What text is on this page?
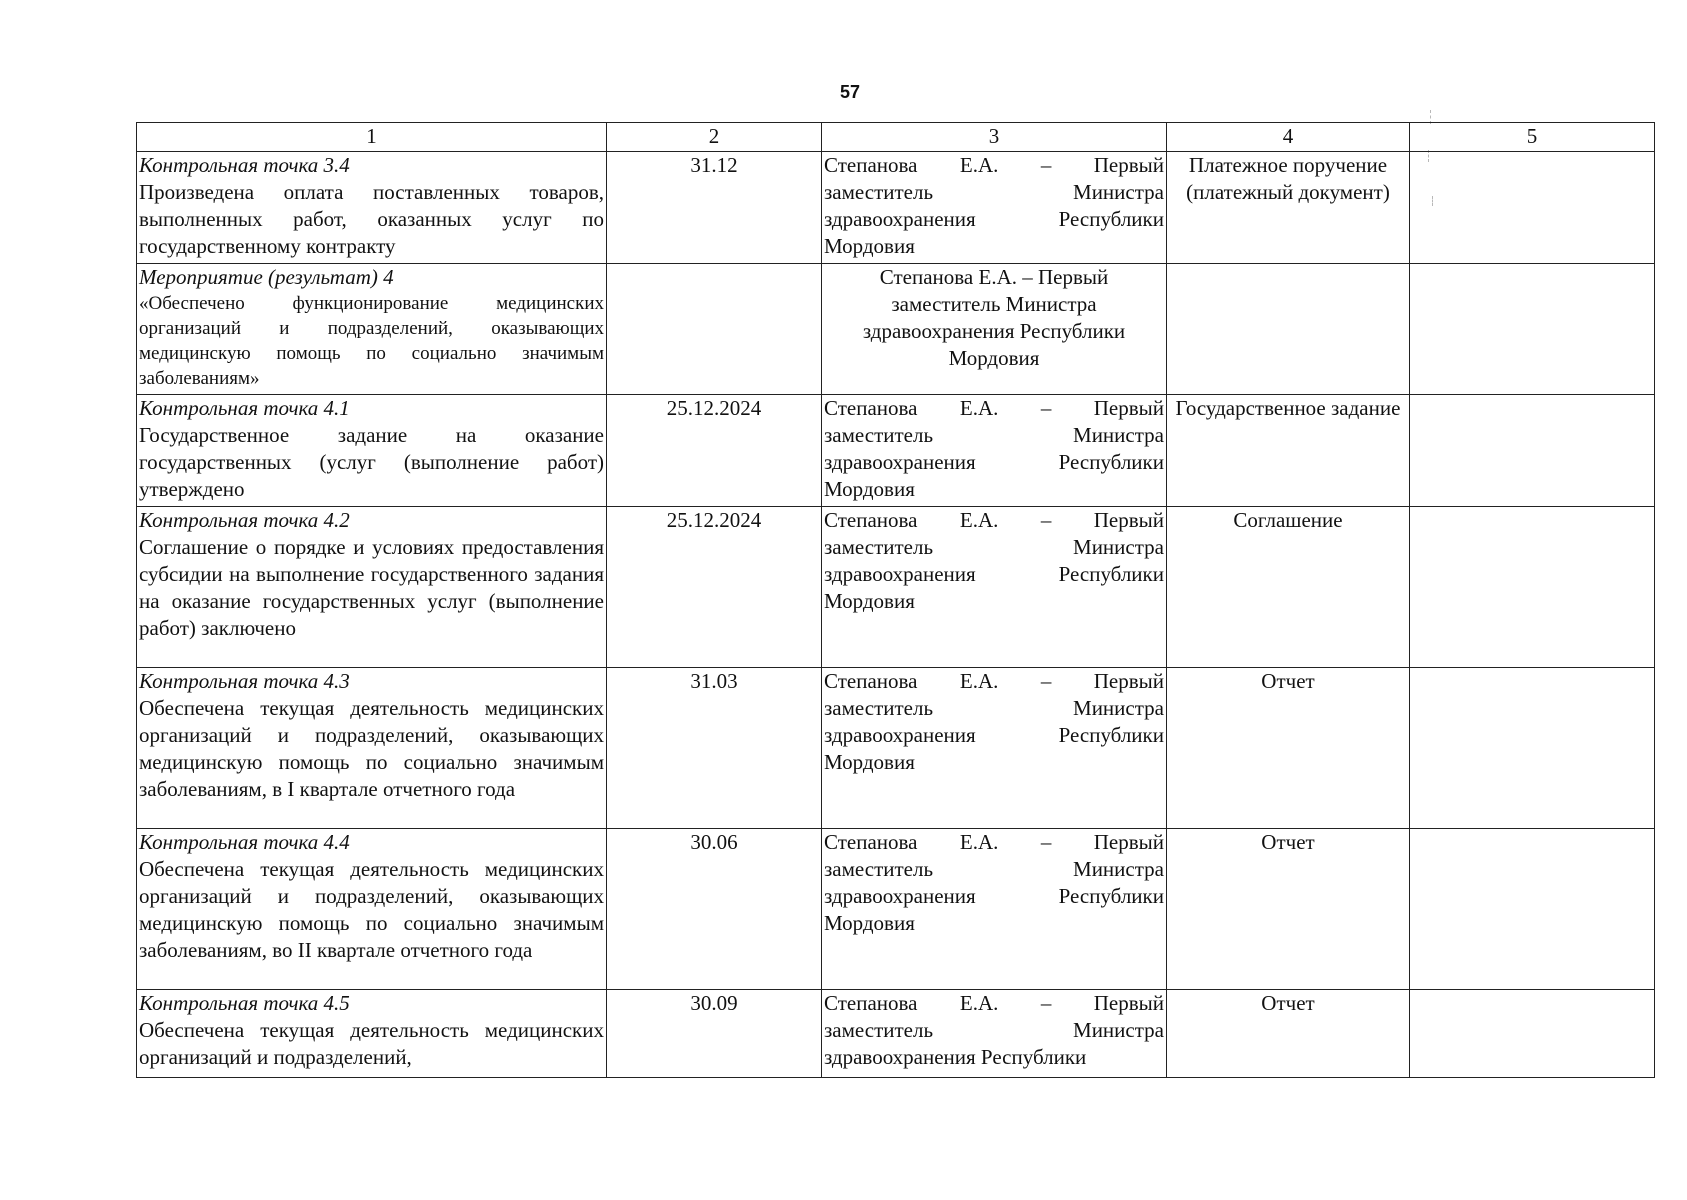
57
1	2	3	4	5

Контрольная точка 3.4
Произведена оплата поставленных товаров, выполненных работ, оказанных услуг по государственному контракту	31.12	Степанова Е.А. – Первый заместитель Министра здравоохранения Республики Мордовия	Платежное поручение (платежный документ)	

Мероприятие (результат) 4
«Обеспечено функционирование медицинских организаций и подразделений, оказывающих медицинскую помощь по социально значимым заболеваниям»		Степанова Е.А. – Первый заместитель Министра здравоохранения Республики Мордовия		

Контрольная точка 4.1
Государственное задание на оказание государственных (услуг (выполнение работ) утверждено	25.12.2024	Степанова Е.А. – Первый заместитель Министра здравоохранения Республики Мордовия	Государственное задание	

Контрольная точка 4.2
Соглашение о порядке и условиях предоставления субсидии на выполнение государственного задания на оказание государственных услуг (выполнение работ) заключено	25.12.2024	Степанова Е.А. – Первый заместитель Министра здравоохранения Республики Мордовия	Соглашение	

Контрольная точка 4.3
Обеспечена текущая деятельность медицинских организаций и подразделений, оказывающих медицинскую помощь по социально значимым заболеваниям, в I квартале отчетного года	31.03	Степанова Е.А. – Первый заместитель Министра здравоохранения Республики Мордовия	Отчет	

Контрольная точка 4.4
Обеспечена текущая деятельность медицинских организаций и подразделений, оказывающих медицинскую помощь по социально значимым заболеваниям, во II квартале отчетного года	30.06	Степанова Е.А. – Первый заместитель Министра здравоохранения Республики Мордовия	Отчет	

Контрольная точка 4.5
Обеспечена текущая деятельность медицинских организаций и подразделений,	30.09	Степанова Е.А. – Первый заместитель Министра здравоохранения Республики	Отчет	
